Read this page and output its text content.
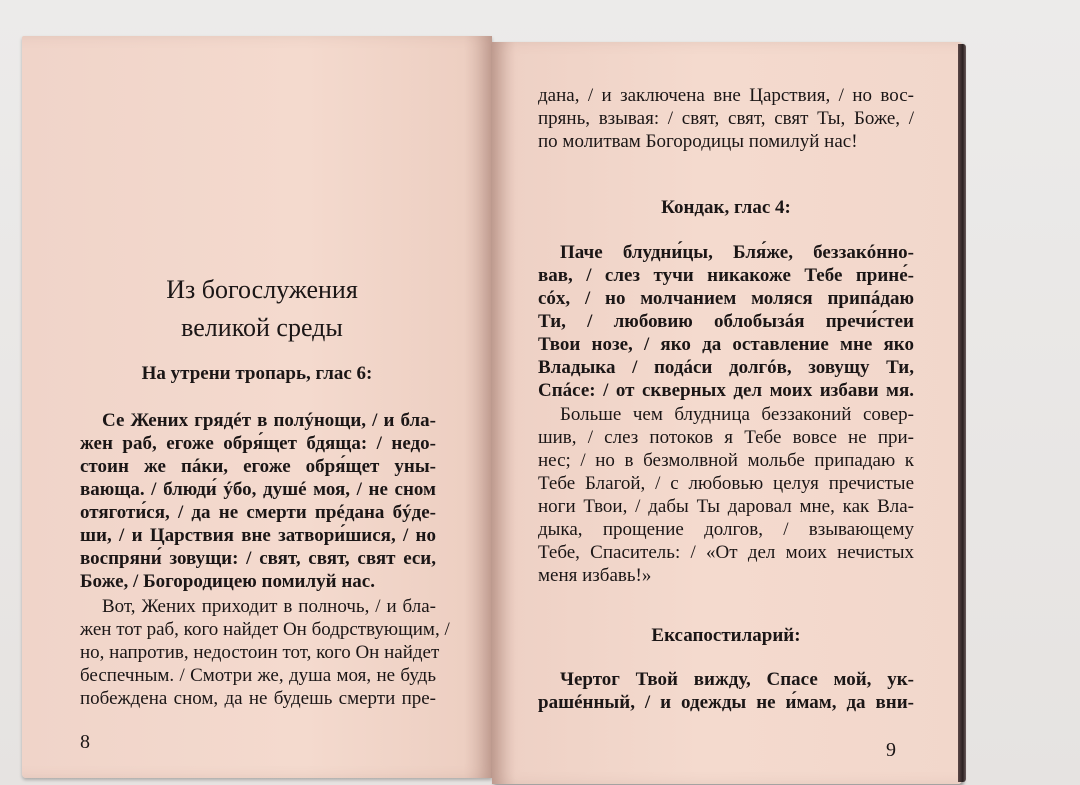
Из богослужения
великой среды
На утрени тропарь, глас 6:
Се Жених грядéт в полýнощи, / и бла-
жен раб, егоже обря́щет бдяща: / недо-
стоин же пáки, егоже обря́щет уны-
вающа. / блюди́ ýбо, душé моя, / не сном
отяготи́ся, / да не смерти прéдана бýде-
ши, / и Царствия вне затвори́шися, / но
воспряни́ зовущи: / свят, свят, свят еси,
Боже, / Богородицею помилуй нас.
Вот, Жених приходит в полночь, / и бла-
жен тот раб, кого найдет Он бодрствующим, /
но, напротив, недостоин тот, кого Он найдет
беспечным. / Смотри же, душа моя, не будь
побеждена сном, да не будешь смерти пре-
8
дана, / и заключена вне Царствия, / но вос-
прянь, взывая: / свят, свят, свят Ты, Боже, /
по молитвам Богородицы помилуй нас!
Кондак, глас 4:
Паче блудни́цы, Бля́же, беззакóнно-
вав, / слез тучи никакоже Тебе прине́-
сóх, / но молчанием моляся припáдаю
Ти, / любовию облобызáя пречи́стеи
Твои нозе, / яко да оставление мне яко
Владыка / подáси долгóв, зовущу Ти,
Спáсе: / от скверных дел моих избави мя.
Больше чем блудница беззаконий совер-
шив, / слез потоков я Тебе вовсе не при-
нес; / но в безмолвной мольбе припадаю к
Тебе Благой, / с любовью целуя пречистые
ноги Твои, / дабы Ты даровал мне, как Вла-
дыка, прощение долгов, / взывающему
Тебе, Спаситель: / «От дел моих нечистых
меня избавь!»
Ексапостиларий:
Чертог Твой вижду, Спасе мой, ук-
рашéнный, / и одежды не и́мам, да вни-
9
